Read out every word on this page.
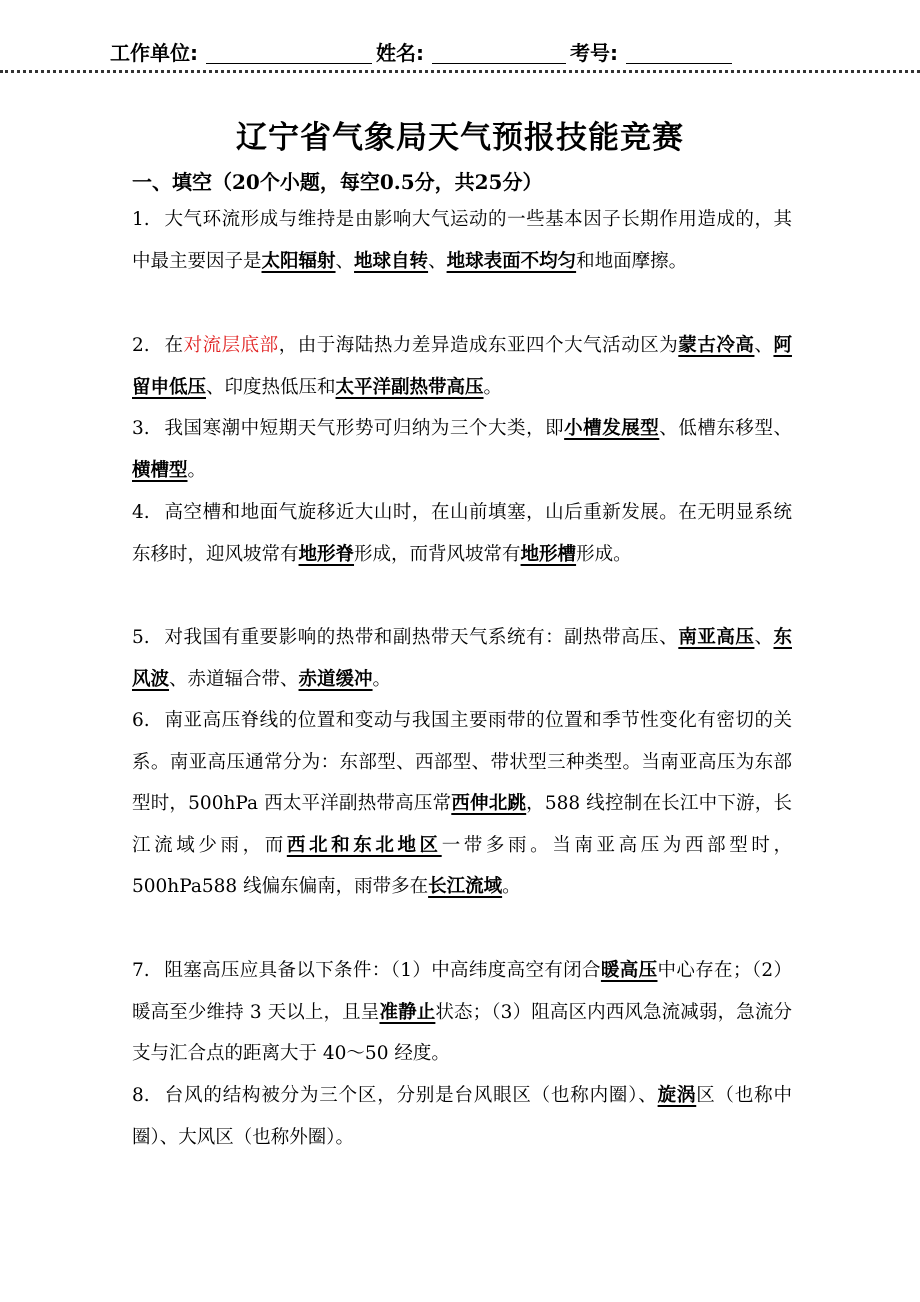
工作单位:	姓名:	考号:
辽宁省气象局天气预报技能竞赛
一、填空（20个小题，每空0.5分，共25分）
1. 大气环流形成与维持是由影响大气运动的一些基本因子长期作用造成的，其中最主要因子是太阳辐射、地球自转、地球表面不均匀和地面摩擦。
2. 在对流层底部，由于海陆热力差异造成东亚四个大气活动区为蒙古冷高、阿留申低压、印度热低压和太平洋副热带高压。
3. 我国寒潮中短期天气形势可归纳为三个大类，即小槽发展型、低槽东移型、横槽型。
4. 高空槽和地面气旋移近大山时，在山前填塞，山后重新发展。在无明显系统东移时，迎风坡常有地形脊形成，而背风坡常有地形槽形成。
5. 对我国有重要影响的热带和副热带天气系统有：副热带高压、南亚高压、东风波、赤道辐合带、赤道缓冲。
6. 南亚高压脊线的位置和变动与我国主要雨带的位置和季节性变化有密切的关系。南亚高压通常分为：东部型、西部型、带状型三种类型。当南亚高压为东部型时，500hPa 西太平洋副热带高压常西伸北跳，588 线控制在长江中下游，长江流域少雨，而西北和东北地区一带多雨。当南亚高压为西部型时，500hPa588 线偏东偏南，雨带多在长江流域。
7. 阻塞高压应具备以下条件：（1）中高纬度高空有闭合暖高压中心存在；（2）暖高至少维持 3 天以上，且呈准静止状态；（3）阻高区内西风急流减弱，急流分支与汇合点的距离大于 40～50 经度。
8. 台风的结构被分为三个区，分别是台风眼区（也称内圈）、旋涡区（也称中圈）、大风区（也称外圈）。
